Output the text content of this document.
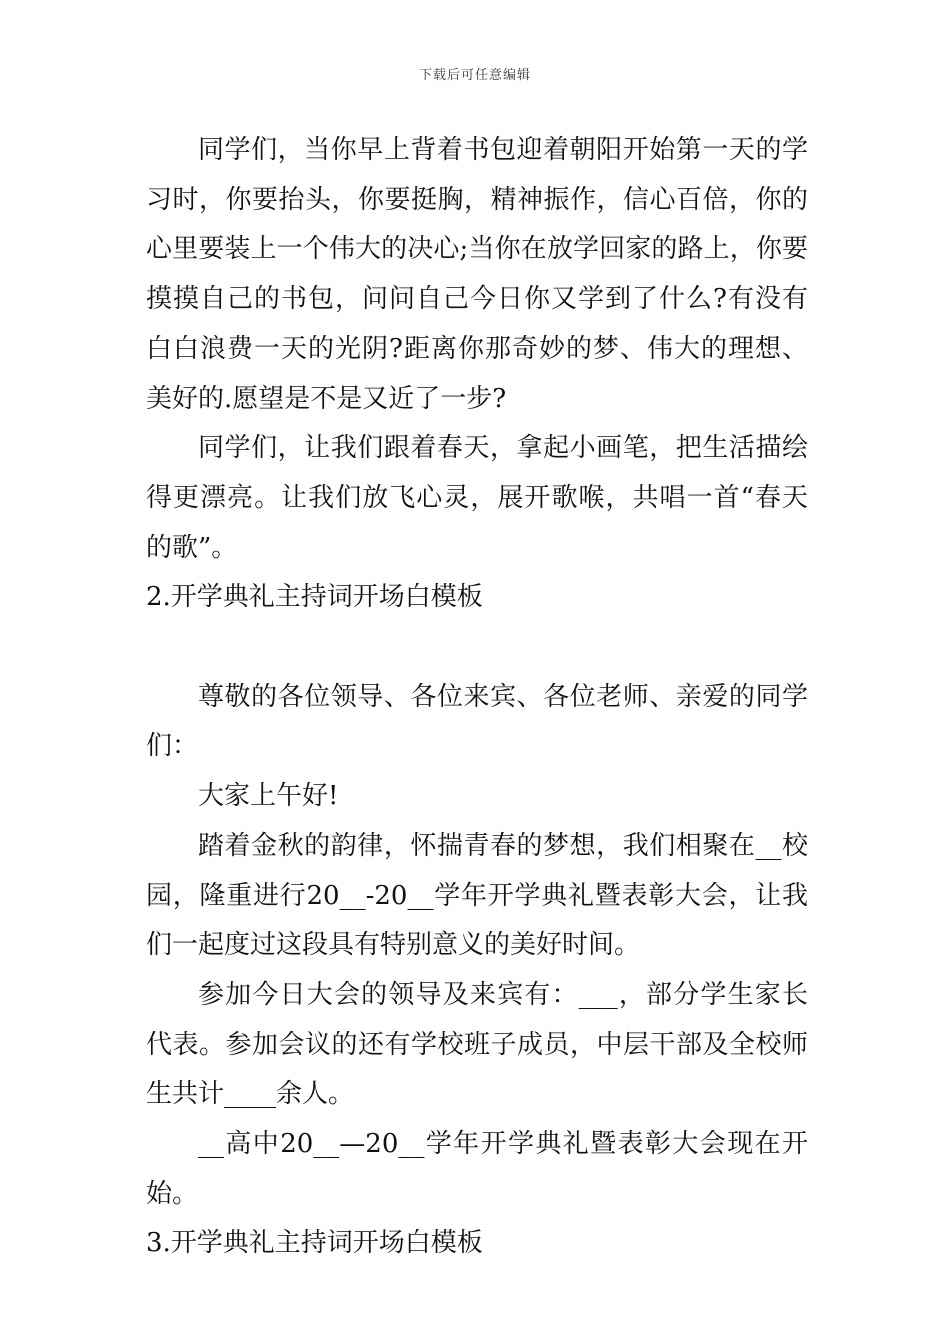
下载后可任意编辑

同学们，当你早上背着书包迎着朝阳开始第一天的学习时，你要抬头，你要挺胸，精神振作，信心百倍，你的心里要装上一个伟大的决心;当你在放学回家的路上，你要摸摸自己的书包，问问自己今日你又学到了什么?有没有白白浪费一天的光阴?距离你那奇妙的梦、伟大的理想、美好的.愿望是不是又近了一步?

同学们，让我们跟着春天，拿起小画笔，把生活描绘得更漂亮。让我们放飞心灵，展开歌喉，共唱一首“春天的歌”。

2.开学典礼主持词开场白模板

尊敬的各位领导、各位来宾、各位老师、亲爱的同学们：

大家上午好!

踏着金秋的韵律，怀揣青春的梦想，我们相聚在__校园，隆重进行20__-20__学年开学典礼暨表彰大会，让我们一起度过这段具有特别意义的美好时间。

参加今日大会的领导及来宾有：___，部分学生家长代表。参加会议的还有学校班子成员，中层干部及全校师生共计____余人。

__高中20__—20__学年开学典礼暨表彰大会现在开始。

3.开学典礼主持词开场白模板
